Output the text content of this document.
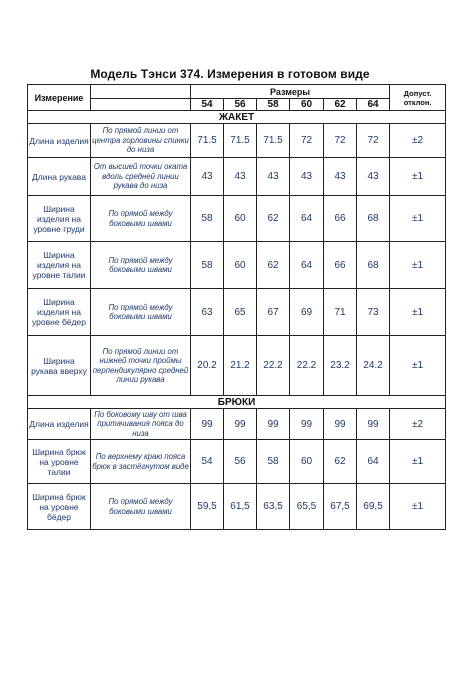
Модель Тэнси 374. Измерения в готовом виде
Измерение		Размеры						Допуст. отклон.
		54	56	58	60	62	64	
ЖАКЕТ								
Длина изделия	По прямой линии от центра горловины спинки до низа	71.5	71.5	71.5	72	72	72	±2
Длина рукава	От высшей точки оката вдоль средней линии рукава до низа	43	43	43	43	43	43	±1
Ширина изделия на уровне груди	По прямой между боковыми швами	58	60	62	64	66	68	±1
Ширина изделия на уровне талии	По прямой между боковыми швами	58	60	62	64	66	68	±1
Ширина изделия на уровне бёдер	По прямой между боковыми швами	63	65	67	69	71	73	±1
Ширина рукава вверху	По прямой линии от нижней точки проймы перпендикулярно средней линии рукава	20.2	21.2	22.2	22.2	23.2	24.2	±1
БРЮКИ								
Длина изделия	По боковому шву от шва притачивания пояса до низа	99	99	99	99	99	99	±2
Ширина брюк на уровне талии	По верхнему краю пояса брюк в застёгнутом виде	54	56	58	60	62	64	±1
Ширина брюк на уровне бёдер	По прямой между боковыми швами	59,5	61,5	63,5	65,5	67,5	69,5	±1
